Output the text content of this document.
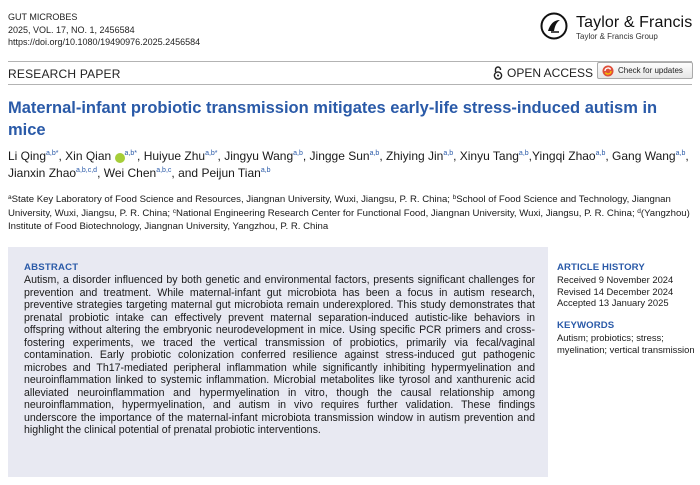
GUT MICROBES
2025, VOL. 17, NO. 1, 2456584
https://doi.org/10.1080/19490976.2025.2456584
Taylor & Francis
Taylor & Francis Group
RESEARCH PAPER	OPEN ACCESS	Check for updates
Maternal-infant probiotic transmission mitigates early-life stress-induced autism in mice
Li Qing$^{a,b*}$, Xin Qian $^{a,b*}$, Huiyue Zhu$^{a,b*}$, Jingyu Wang$^{a,b}$, Jingge Sun$^{a,b}$, Zhiying Jin$^{a,b}$, Xinyu Tang$^{a,b}$,Yingqi Zhao$^{a,b}$, Gang Wang$^{a,b}$, Jianxin Zhao$^{a,b,c,d}$, Wei Chen$^{a,b,c}$, and Peijun Tian$^{a,b}$
$^a$State Key Laboratory of Food Science and Resources, Jiangnan University, Wuxi, Jiangsu, P. R. China; $^b$School of Food Science and Technology, Jiangnan University, Wuxi, Jiangsu, P. R. China; $^c$National Engineering Research Center for Functional Food, Jiangnan University, Wuxi, Jiangsu, P. R. China; $^d$(Yangzhou) Institute of Food Biotechnology, Jiangnan University, Yangzhou, P. R. China
ABSTRACT
Autism, a disorder influenced by both genetic and environmental factors, presents significant challenges for prevention and treatment. While maternal-infant gut microbiota has been a focus in autism research, preventive strategies targeting maternal gut microbiota remain underexplored. This study demonstrates that prenatal probiotic intake can effectively prevent maternal separation-induced autistic-like behaviors in offspring without altering the embryonic neurodevelopment in mice. Using specific PCR primers and cross-fostering experiments, we traced the vertical transmission of probiotics, primarily via fecal/vaginal contamination. Early probiotic colonization conferred resilience against stress-induced gut pathogenic microbes and Th17-mediated peripheral inflammation while significantly inhibiting hypermyelination and neuroinflammation linked to systemic inflammation. Microbial metabolites like tyrosol and xanthurenic acid alleviated neuroinflammation and hypermyelination in vitro, though the causal relationship among neuroinflammation, hypermyelination, and autism in vivo requires further validation. These findings underscore the importance of the maternal-infant microbiota transmission window in autism prevention and highlight the clinical potential of prenatal probiotic interventions.
ARTICLE HISTORY
Received 9 November 2024
Revised 14 December 2024
Accepted 13 January 2025
KEYWORDS
Autism; probiotics; stress; myelination; vertical transmission
